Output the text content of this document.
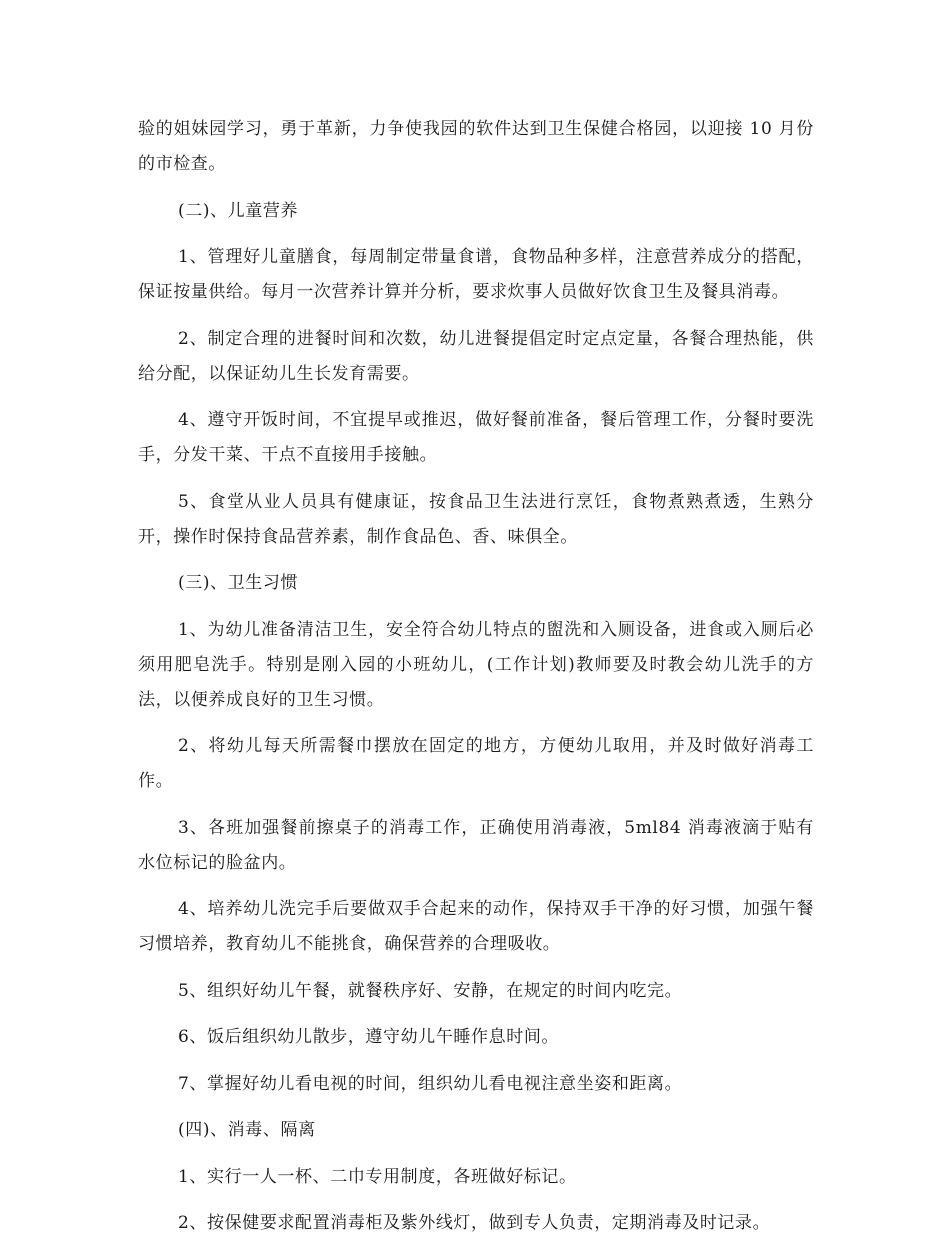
验的姐妹园学习，勇于革新，力争使我园的软件达到卫生保健合格园，以迎接 10 月份的市检查。

(二)、儿童营养

1、管理好儿童膳食，每周制定带量食谱，食物品种多样，注意营养成分的搭配，保证按量供给。每月一次营养计算并分析，要求炊事人员做好饮食卫生及餐具消毒。

2、制定合理的进餐时间和次数，幼儿进餐提倡定时定点定量，各餐合理热能，供给分配，以保证幼儿生长发育需要。

4、遵守开饭时间，不宜提早或推迟，做好餐前准备，餐后管理工作，分餐时要洗手，分发干菜、干点不直接用手接触。

5、食堂从业人员具有健康证，按食品卫生法进行烹饪，食物煮熟煮透，生熟分开，操作时保持食品营养素，制作食品色、香、味俱全。

(三)、卫生习惯

1、为幼儿准备清洁卫生，安全符合幼儿特点的盥洗和入厕设备，进食或入厕后必须用肥皂洗手。特别是刚入园的小班幼儿，(工作计划)教师要及时教会幼儿洗手的方法，以便养成良好的卫生习惯。

2、将幼儿每天所需餐巾摆放在固定的地方，方便幼儿取用，并及时做好消毒工作。

3、各班加强餐前擦桌子的消毒工作，正确使用消毒液，5ml84 消毒液滴于贴有水位标记的脸盆内。

4、培养幼儿洗完手后要做双手合起来的动作，保持双手干净的好习惯，加强午餐习惯培养，教育幼儿不能挑食，确保营养的合理吸收。

5、组织好幼儿午餐，就餐秩序好、安静，在规定的时间内吃完。

6、饭后组织幼儿散步，遵守幼儿午睡作息时间。

7、掌握好幼儿看电视的时间，组织幼儿看电视注意坐姿和距离。

(四)、消毒、隔离

1、实行一人一杯、二巾专用制度，各班做好标记。

2、按保健要求配置消毒柜及紫外线灯，做到专人负责，定期消毒及时记录。
